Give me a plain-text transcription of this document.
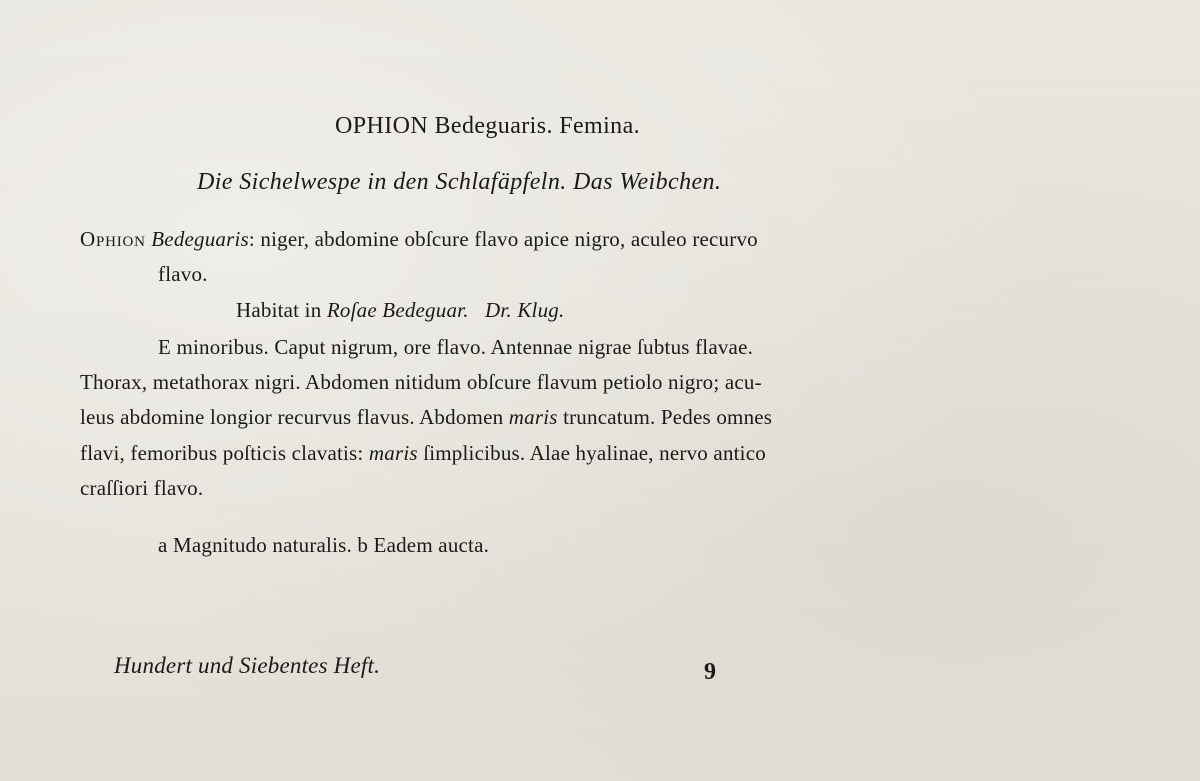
OPHION Bedeguaris. Femina.
Die Sichelwespe in den Schlafäpfeln. Das Weibchen.
Ophion Bedeguaris: niger, abdomine obſcure flavo apice nigro, aculeo recurvo
flavo.
Habitat in Roſae Bedeguar. Dr. Klug.
E minoribus. Caput nigrum, ore flavo. Antennae nigrae ſubtus flavae.
Thorax, metathorax nigri. Abdomen nitidum obſcure flavum petiolo nigro; acu-
leus abdomine longior recurvus flavus. Abdomen maris truncatum. Pedes omnes
flavi, femoribus poſticis clavatis: maris ſimplicibus. Alae hyalinae, nervo antico
craſſiori flavo.
a Magnitudo naturalis. b Eadem aucta.
Hundert und Siebentes Heft.	9
